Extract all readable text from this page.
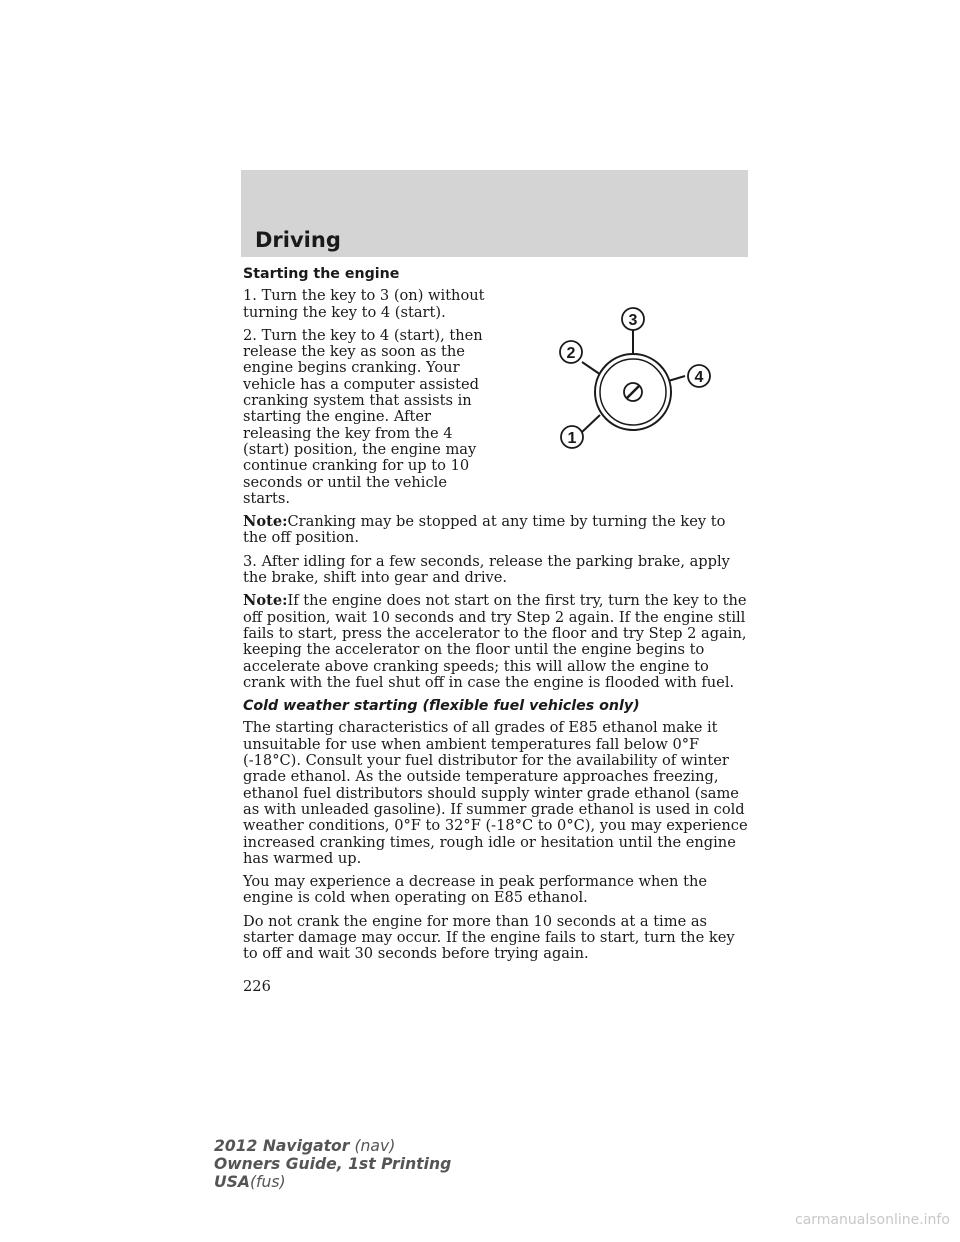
Driving
3
2
4
1
Starting the engine

1. Turn the key to 3 (on) without turning the key to 4 (start).

2. Turn the key to 4 (start), then release the key as soon as the engine begins cranking. Your vehicle has a computer assisted cranking system that assists in starting the engine. After releasing the key from the 4 (start) position, the engine may continue cranking for up to 10 seconds or until the vehicle starts.

Note:Cranking may be stopped at any time by turning the key to the off position.

3. After idling for a few seconds, release the parking brake, apply the brake, shift into gear and drive.

Note:If the engine does not start on the first try, turn the key to the off position, wait 10 seconds and try Step 2 again. If the engine still fails to start, press the accelerator to the floor and try Step 2 again, keeping the accelerator on the floor until the engine begins to accelerate above cranking speeds; this will allow the engine to crank with the fuel shut off in case the engine is flooded with fuel.

Cold weather starting (flexible fuel vehicles only)

The starting characteristics of all grades of E85 ethanol make it unsuitable for use when ambient temperatures fall below 0°F (-18°C). Consult your fuel distributor for the availability of winter grade ethanol. As the outside temperature approaches freezing, ethanol fuel distributors should supply winter grade ethanol (same as with unleaded gasoline). If summer grade ethanol is used in cold weather conditions, 0°F to 32°F (-18°C to 0°C), you may experience increased cranking times, rough idle or hesitation until the engine has warmed up.

You may experience a decrease in peak performance when the engine is cold when operating on E85 ethanol.

Do not crank the engine for more than 10 seconds at a time as starter damage may occur. If the engine fails to start, turn the key to off and wait 30 seconds before trying again.

226
2012 Navigator (nav)
Owners Guide, 1st Printing
USA(fus)
carmanualsonline.info
